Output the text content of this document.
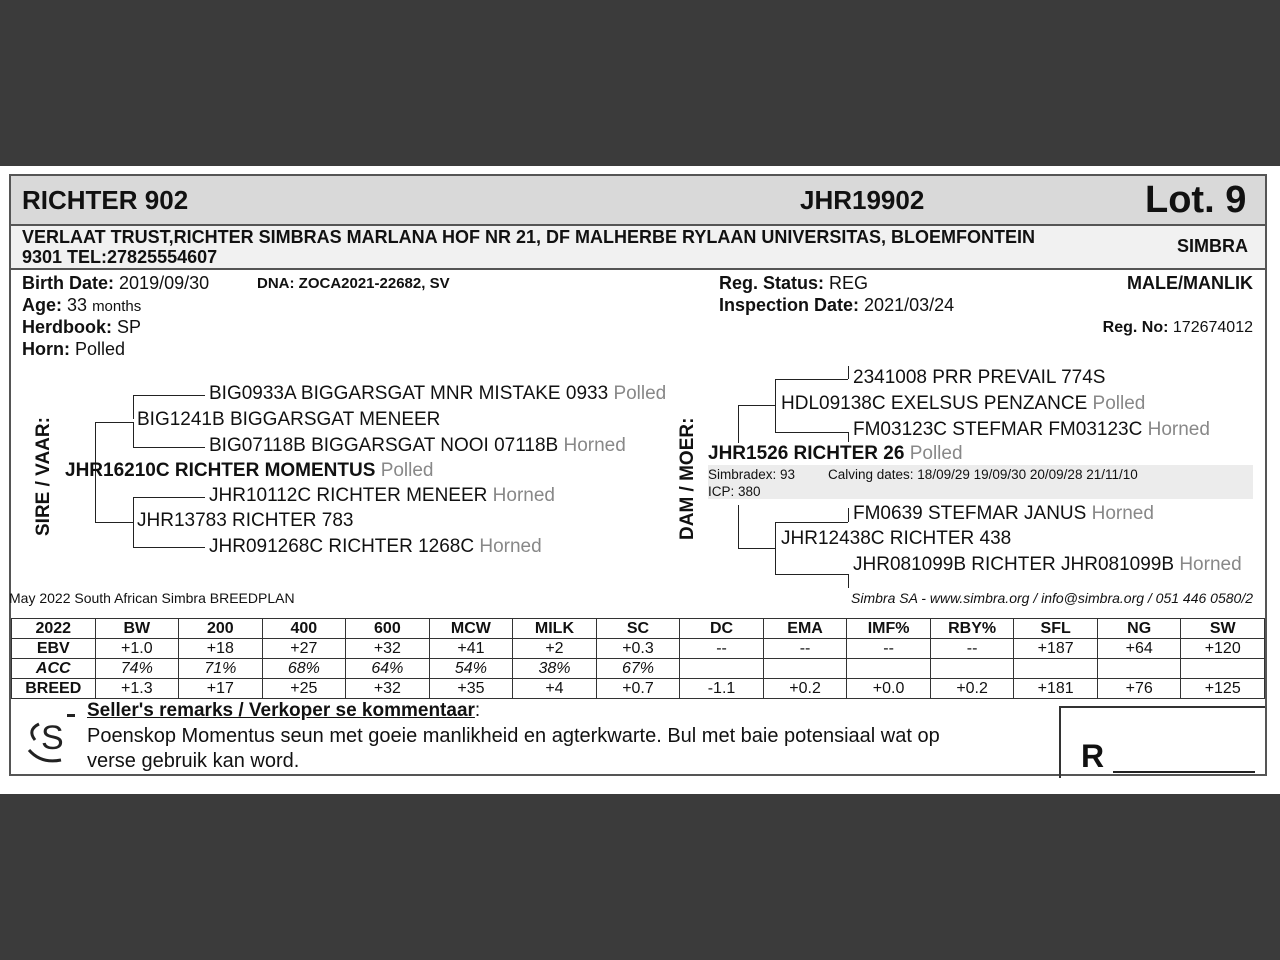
RICHTER 902	JHR19902	Lot. 9
VERLAAT TRUST,RICHTER SIMBRAS MARLANA HOF NR 21, DF MALHERBE RYLAAN UNIVERSITAS, BLOEMFONTEIN
9301 TEL:27825554607
SIMBRA
Birth Date: 2019/09/30	DNA: ZOCA2021-22682, SV
Age: 33 months
Herdbook: SP
Horn: Polled
Reg. Status: REG
Inspection Date: 2021/03/24
MALE/MANLIK
Reg. No: 172674012
SIRE / VAAR:
BIG0933A BIGGARSGAT MNR MISTAKE 0933 Polled
BIG1241B BIGGARSGAT MENEER
BIG07118B BIGGARSGAT NOOI 07118B Horned
JHR16210C RICHTER MOMENTUS Polled
JHR10112C RICHTER MENEER Horned
JHR13783 RICHTER 783
JHR091268C RICHTER 1268C Horned
DAM / MOER:
2341008 PRR PREVAIL 774S
HDL09138C EXELSUS PENZANCE Polled
FM03123C STEFMAR FM03123C Horned
JHR1526 RICHTER 26 Polled
Simbradex: 93 Calving dates: 18/09/29 19/09/30 20/09/28 21/11/10
ICP: 380
FM0639 STEFMAR JANUS Horned
JHR12438C RICHTER 438
JHR081099B RICHTER JHR081099B Horned
May 2022 South African Simbra BREEDPLAN	Simbra SA - www.simbra.org / info@simbra.org / 051 446 0580/2
2022	BW	200	400	600	MCW	MILK	SC	DC	EMA	IMF%	RBY%	SFL	NG	SW
EBV	+1.0	+18	+27	+32	+41	+2	+0.3	--	--	--	--	+187	+64	+120
ACC	74%	71%	68%	64%	54%	38%	67%							
BREED	+1.3	+17	+25	+32	+35	+4	+0.7	-1.1	+0.2	+0.0	+0.2	+181	+76	+125
S
Seller's remarks / Verkoper se kommentaar:
Poenskop Momentus seun met goeie manlikheid en agterkwarte. Bul met baie potensiaal wat op
verse gebruik kan word.	R
